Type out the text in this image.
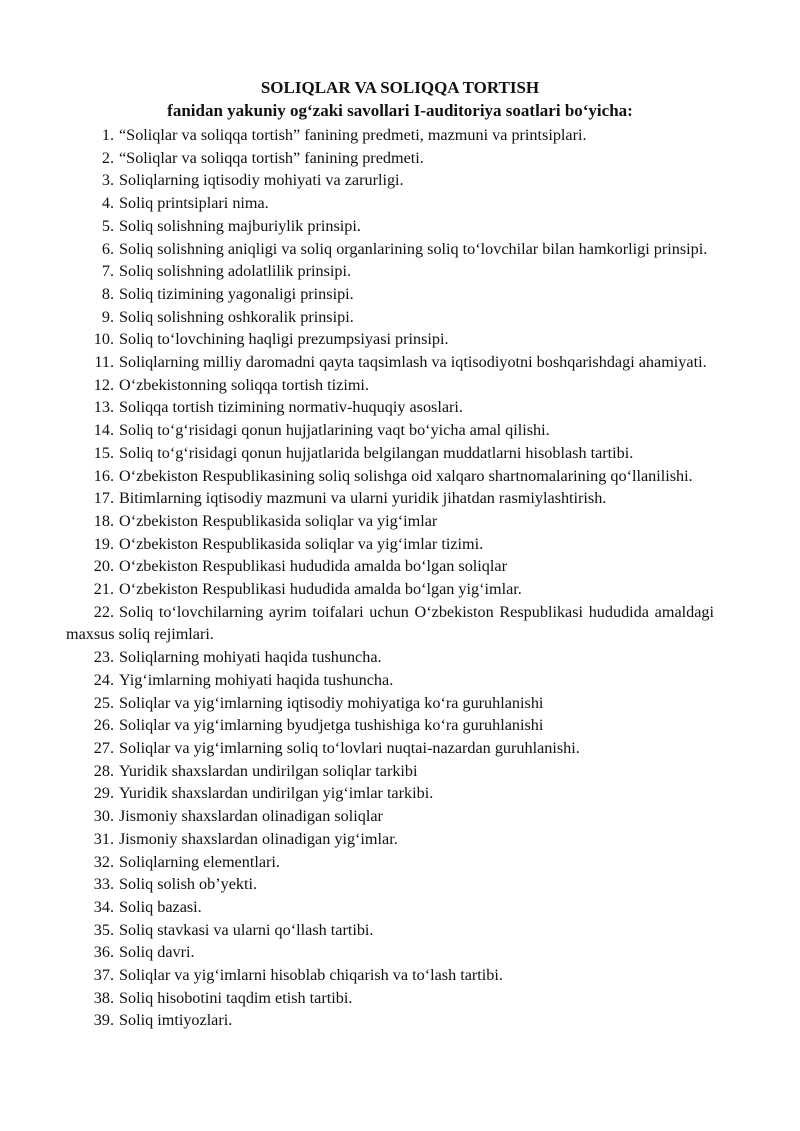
SOLIQLAR VA SOLIQQA TORTISH
fanidan yakuniy og‘zaki savollari I-auditoriya soatlari bo‘yicha:
1. “Soliqlar va soliqqa tortish” fanining predmeti, mazmuni va printsiplari.
2. “Soliqlar va soliqqa tortish” fanining predmeti.
3. Soliqlarning iqtisodiy mohiyati va zarurligi.
4. Soliq printsiplari nima.
5. Soliq solishning majburiylik prinsipi.
6. Soliq solishning aniqligi va soliq organlarining soliq to‘lovchilar bilan hamkorligi prinsipi.
7. Soliq solishning adolatlilik prinsipi.
8. Soliq tizimining yagonaligi prinsipi.
9. Soliq solishning oshkoralik prinsipi.
10. Soliq to‘lovchining haqligi prezumpsiyasi prinsipi.
11. Soliqlarning milliy daromadni qayta taqsimlash va iqtisodiyotni boshqarishdagi ahamiyati.
12. O‘zbekistonning soliqqa tortish tizimi.
13. Soliqqa tortish tizimining normativ-huquqiy asoslari.
14. Soliq to‘g‘risidagi qonun hujjatlarining vaqt bo‘yicha amal qilishi.
15. Soliq to‘g‘risidagi qonun hujjatlarida belgilangan muddatlarni hisoblash tartibi.
16. O‘zbekiston Respublikasining soliq solishga oid xalqaro shartnomalarining qo‘llanilishi.
17. Bitimlarning iqtisodiy mazmuni va ularni yuridik jihatdan rasmiylashtirish.
18. O‘zbekiston Respublikasida soliqlar va yig‘imlar
19. O‘zbekiston Respublikasida soliqlar va yig‘imlar tizimi.
20. O‘zbekiston Respublikasi hududida amalda bo‘lgan soliqlar
21. O‘zbekiston Respublikasi hududida amalda bo‘lgan yig‘imlar.
22. Soliq to‘lovchilarning ayrim toifalari uchun O‘zbekiston Respublikasi hududida amaldagi maxsus soliq rejimlari.
23. Soliqlarning mohiyati haqida tushuncha.
24. Yig‘imlarning mohiyati haqida tushuncha.
25. Soliqlar va yig‘imlarning iqtisodiy mohiyatiga ko‘ra guruhlanishi
26. Soliqlar va yig‘imlarning byudjetga tushishiga ko‘ra guruhlanishi
27. Soliqlar va yig‘imlarning soliq to‘lovlari nuqtai-nazardan guruhlanishi.
28. Yuridik shaxslardan undirilgan soliqlar tarkibi
29. Yuridik shaxslardan undirilgan yig‘imlar tarkibi.
30. Jismoniy shaxslardan olinadigan soliqlar
31. Jismoniy shaxslardan olinadigan yig‘imlar.
32. Soliqlarning elementlari.
33. Soliq solish ob’yekti.
34. Soliq bazasi.
35. Soliq stavkasi va ularni qo‘llash tartibi.
36. Soliq davri.
37. Soliqlar va yig‘imlarni hisoblab chiqarish va to‘lash tartibi.
38. Soliq hisobotini taqdim etish tartibi.
39. Soliq imtiyozlari.
